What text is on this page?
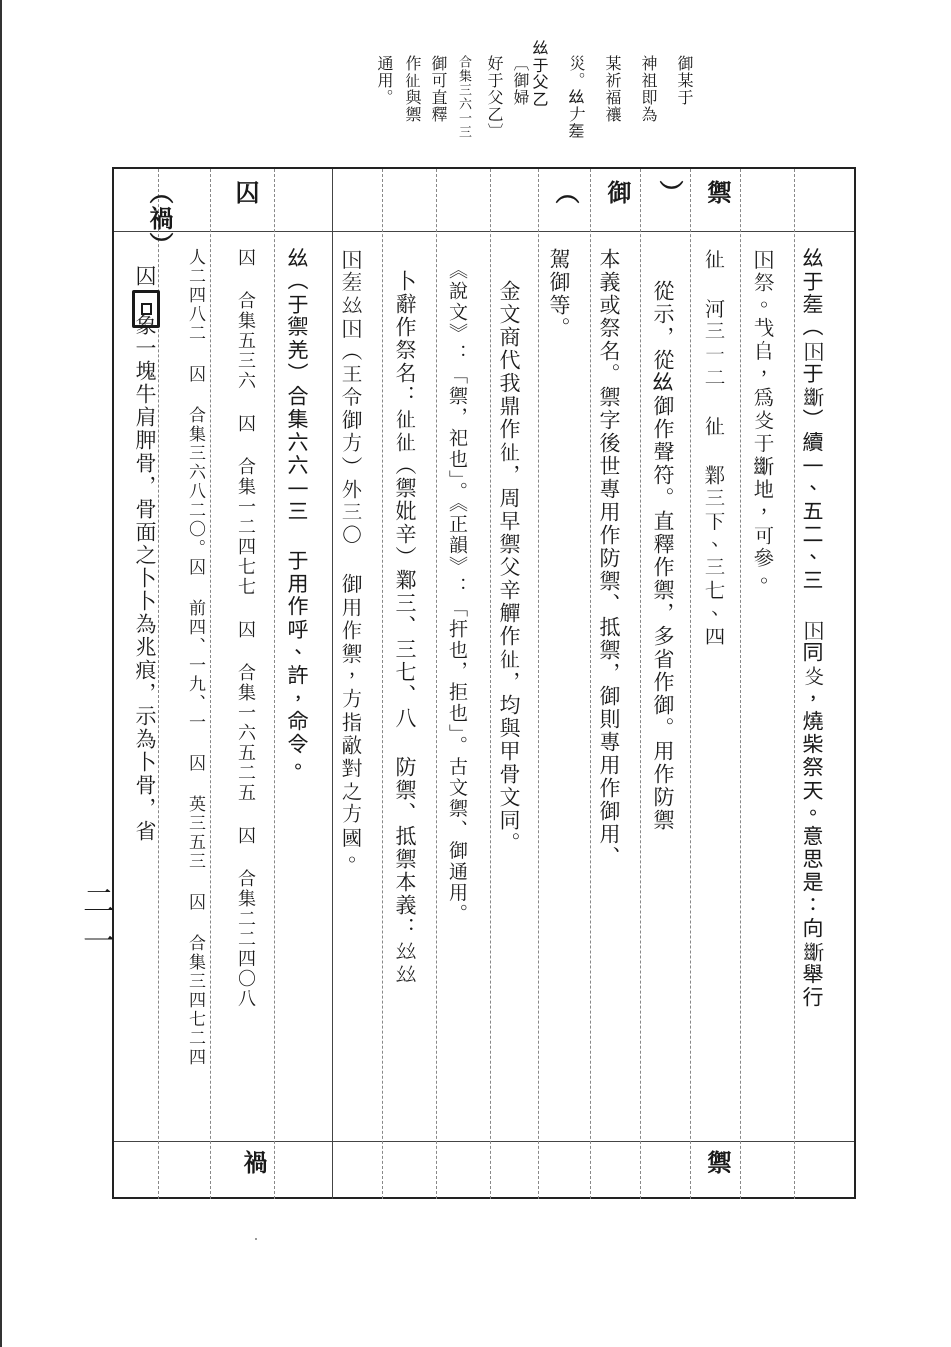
御某于
神祖即為
某祈福禳
災。𢆶𠂇𢀡
𢆶于父乙
〔御婦
好于父乙〕
合集三六一三
御可直釋
作𢓊與禦
通用。
禦
）
御
（
𢆶于𢀡（𡆥于𣃔）續一、五二、三 𡆥同𤆌，燒柴祭天。意思是：向𣃔舉行
𡆥祭。𢦏𠂤，為𤆌于𣃔地，可參。
𢓊 河三一二 𢓊 鄴三下、三七、四
從示，從𢆶御作聲符。直釋作禦，多省作御。用作防禦
本義或祭名。禦字後世專用作防禦、抵禦，御則專用作御用、
駕御等。
金文商代我鼎作𢓊，周早禦父辛觶作𢓊，均與甲骨文同。
《說文》：「禦，祀也」。《正韻》：「扞也，拒也」。古文禦、御通用。
卜辭作祭名：𢓊𢓊（禦妣辛）鄴三、三七、八 防禦、抵禦本義：𢆶𢆶
𡆥𢀡𢆶𡆥（王令御方）外三〇 御用作禦，方指敵對之方國。
𢆶（于禦羌）合集六六一三 于用作呼、許，命令。
禦
（禍） 囚
囚 合集五三六 囚 合集一二四七七 囚 合集一六五二五 囚 合集二二四〇八
人二四八二 囚 合集三六八二〇。囚 前四、一九、一 囚 英三五三 囚 合集三四七二四
囚 象一塊牛肩胛骨，骨面之卜卜為兆痕，示為卜骨，省
禍
二一
